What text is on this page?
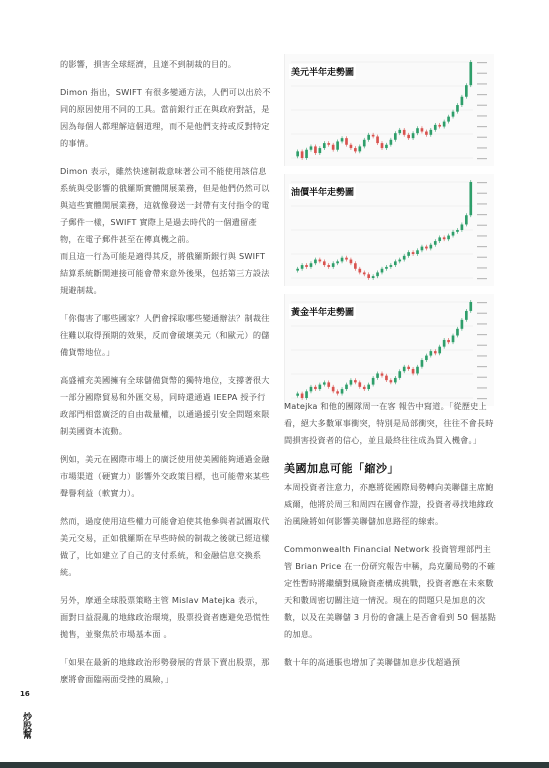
16
炒股幫

的影響，損害全球經濟，且達不到制裁的目的。

Dimon 指出，SWIFT 有很多變通方法，人們可以出於不同的原因使用不同的工具。當前銀行正在與政府對話，是因為每個人都理解這個道理，而不是他們支持或反對特定的事情。

Dimon 表示，雖然快速制裁意味著公司不能使用該信息系統與受影響的俄羅斯實體開展業務，但是他們仍然可以與這些實體開展業務，這就像發送一封帶有支付指令的電子郵件一樣，SWIFT 實際上是過去時代的一個遺留產物，在電子郵件甚至在傳真機之前。

而且這一行為可能是適得其反，將俄羅斯銀行與 SWIFT 結算系統斷開連接可能會帶來意外後果，包括第三方設法規避制裁。

「你傷害了哪些國家？人們會採取哪些變通辦法？制裁往往難以取得預期的效果，反而會破壞美元（和歐元）的儲備貨幣地位。」

高盛補充美國擁有全球儲備貨幣的獨特地位，支撐著很大一部分國際貿易和外匯交易，同時還通過 IEEPA 授予行政部門相當廣泛的自由裁量權，以通過援引安全問題來限制美國資本流動。

例如，美元在國際市場上的廣泛使用使美國能夠通過金融市場渠道（硬實力）影響外交政策目標，也可能帶來某些聲譽利益（軟實力）。

然而，過度使用這些權力可能會迫使其他參與者試圖取代美元交易，正如俄羅斯在早些時候的制裁之後就已經這樣做了，比如建立了自己的支付系統，和金融信息交換系統。

另外，摩通全球股票策略主管 Mislav Matejka 表示，面對日益混亂的地緣政治環境，股票投資者應避免恐慌性拋售，並聚焦於市場基本面 。

「如果在最新的地緣政治形勢發展的背景下賣出股票，那麼將會面臨兩面受挫的風險，」

美元半年走勢圖
油價半年走勢圖
黃金半年走勢圖

Matejka 和他的團隊周一在客 報告中寫道。「從歷史上看，絕大多數軍事衝突，特別是局部衝突，往往不會長時間損害投資者的信心，並且最終往往成為買入機會。」

美國加息可能「縮沙」

本周投資者注意力，亦應將從國際局勢轉向美聯儲主席鮑威爾，他將於周三和周四在國會作證，投資者尋找地緣政治風險將如何影響美聯儲加息路徑的線索。

Commonwealth Financial Network 投資管理部門主管 Brian Price 在一份研究報告中稱，烏克蘭局勢的不確定性暫時將繼續對風險資產構成挑戰，投資者應在未來數天和數周密切關注這一情況。現在的問題只是加息的次數，以及在美聯儲 3 月份的會議上是否會看到 50 個基點的加息。

數十年的高通脹也增加了美聯儲加息步伐超過預
